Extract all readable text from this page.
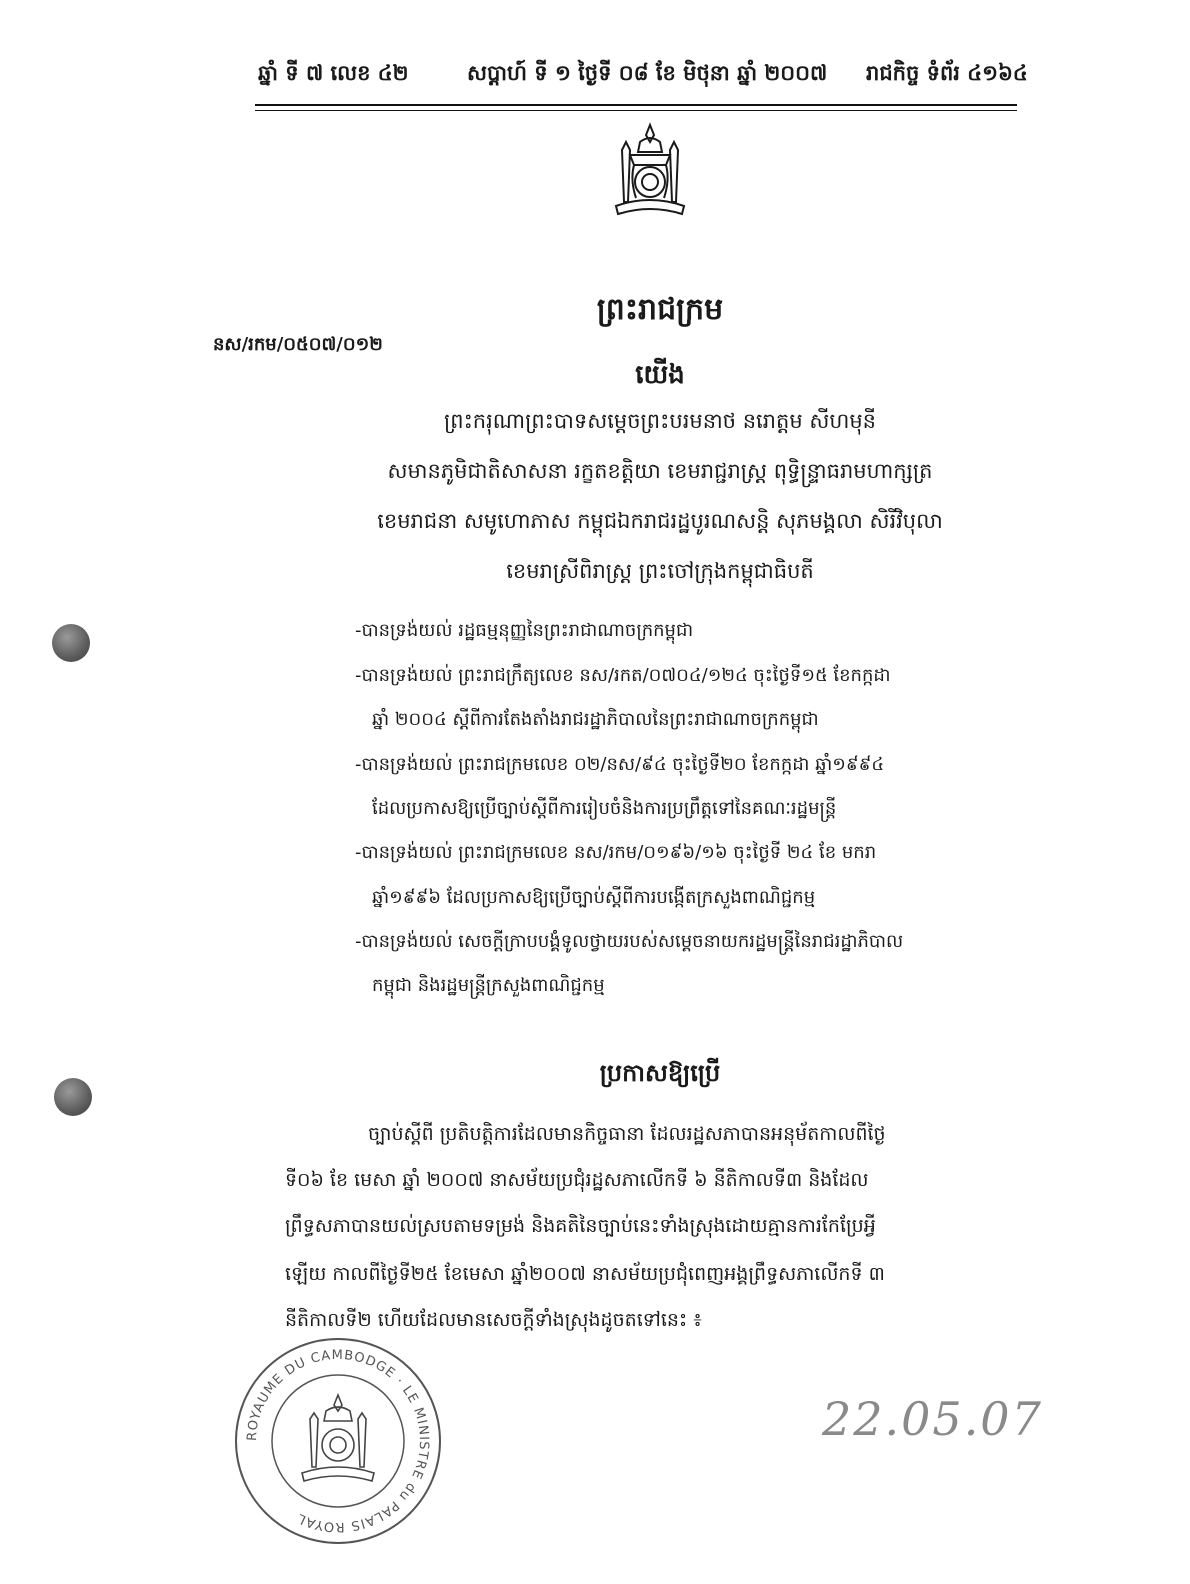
ឆ្នាំ ទី ៧ លេខ ៤២	សប្តាហ៍ ទី ១ ថ្ងៃទី ០៨ ខែ មិថុនា ឆ្នាំ ២០០៧ រាជកិច្ច ទំព័រ ៤១៦៤
ព្រះរាជក្រម
នស/រកម/០៥០៧/០១២
យើង
ព្រះករុណាព្រះបាទសម្តេចព្រះបរមនាថ នរោត្តម សីហមុនី
សមានភូមិជាតិសាសនា រក្ខតខត្តិយា ខេមរាជ្ជរាស្ត្រ ពុទ្ធិន្ទ្រាធរាមហាក្សត្រ
ខេមរាជនា សមូហោភាស កម្ពុជឯករាជរដ្ឋបូរណសន្តិ សុភមង្គលា សិរីវិបុលា
ខេមរាស្រីពិរាស្ត្រ ព្រះចៅក្រុងកម្ពុជាធិបតី
-បានទ្រង់យល់ រដ្ឋធម្មនុញ្ញនៃព្រះរាជាណាចក្រកម្ពុជា
-បានទ្រង់យល់ ព្រះរាជក្រឹត្យលេខ នស/រកត/០៧០៤/១២៤ ចុះថ្ងៃទី១៥ ខែកក្កដា
ឆ្នាំ ២០០៤ ស្តីពីការតែងតាំងរាជរដ្ឋាភិបាលនៃព្រះរាជាណាចក្រកម្ពុជា
-បានទ្រង់យល់ ព្រះរាជក្រមលេខ ០២/នស/៩៤ ចុះថ្ងៃទី២០ ខែកក្កដា ឆ្នាំ១៩៩៤
ដែលប្រកាសឱ្យប្រើច្បាប់ស្តីពីការរៀបចំនិងការប្រព្រឹត្តទៅនៃគណៈរដ្ឋមន្ត្រី
-បានទ្រង់យល់ ព្រះរាជក្រមលេខ នស/រកម/០១៩៦/១៦ ចុះថ្ងៃទី ២៤ ខែ មករា
ឆ្នាំ១៩៩៦ ដែលប្រកាសឱ្យប្រើច្បាប់ស្តីពីការបង្កើតក្រសួងពាណិជ្ជកម្ម
-បានទ្រង់យល់ សេចក្តីក្រាបបង្គំទូលថ្វាយរបស់សម្តេចនាយករដ្ឋមន្ត្រីនៃរាជរដ្ឋាភិបាល
កម្ពុជា និងរដ្ឋមន្ត្រីក្រសួងពាណិជ្ជកម្ម
ប្រកាសឱ្យប្រើ
ច្បាប់ស្តីពី ប្រតិបត្តិការដែលមានកិច្ចធានា ដែលរដ្ឋសភាបានអនុម័តកាលពីថ្ងៃ
ទី០៦ ខែ មេសា ឆ្នាំ ២០០៧ នាសម័យប្រជុំរដ្ឋសភាលើកទី ៦ នីតិកាលទី៣ និងដែល
ព្រឹទ្ធសភាបានយល់ស្របតាមទម្រង់ និងគតិនៃច្បាប់នេះទាំងស្រុងដោយគ្មានការកែប្រែអ្វី
ឡើយ កាលពីថ្ងៃទី២៥ ខែមេសា ឆ្នាំ២០០៧ នាសម័យប្រជុំពេញអង្គព្រឹទ្ធសភាលើកទី ៣
នីតិកាលទី២ ហើយដែលមានសេចក្តីទាំងស្រុងដូចតទៅនេះ ៖
ROYAUME DU CAMBODGE · LE MINISTRE du PALAIS ROYAL
22.05.07
